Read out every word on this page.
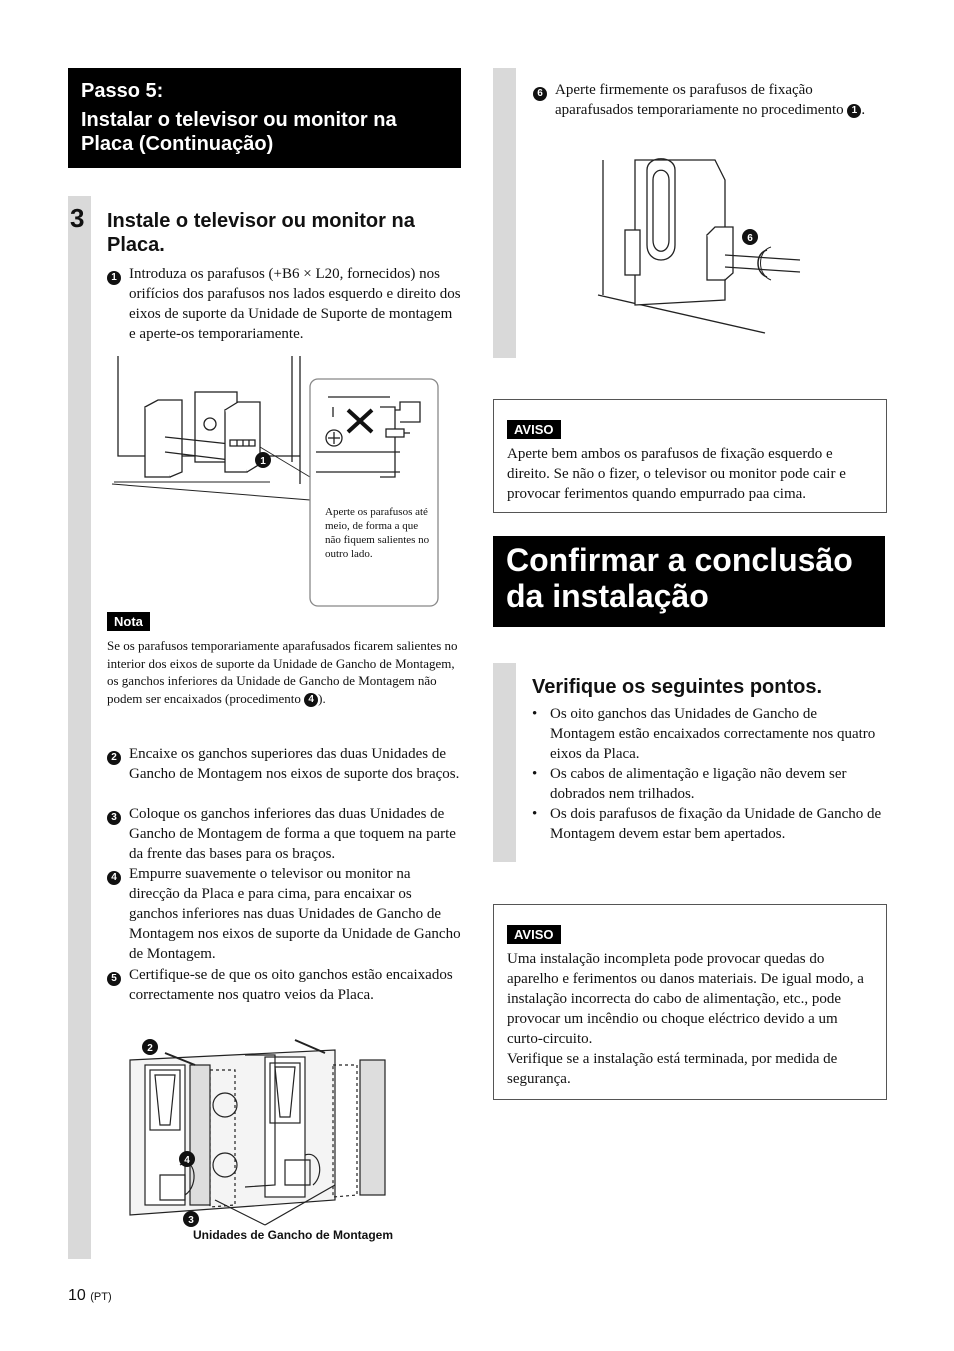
Passo 5:
Instalar o televisor ou monitor na Placa (Continuação)
3 Instale o televisor ou monitor na Placa.
1 Introduza os parafusos (+B6 × L20, fornecidos) nos orifícios dos parafusos nos lados esquerdo e direito dos eixos de suporte da Unidade de Suporte de montagem e aperte-os temporariamente.
1
Aperte os parafusos até meio, de forma a que não fiquem salientes no outro lado.
Nota
Se os parafusos temporariamente aparafusados ficarem salientes no interior dos eixos de suporte da Unidade de Gancho de Montagem, os ganchos inferiores da Unidade de Gancho de Montagem não podem ser encaixados (procedimento 4 ).
2 Encaixe os ganchos superiores das duas Unidades de Gancho de Montagem nos eixos de suporte dos braços.
3 Coloque os ganchos inferiores das duas Unidades de Gancho de Montagem de forma a que toquem na parte da frente das bases para os braços.
4 Empurre suavemente o televisor ou monitor na direcção da Placa e para cima, para encaixar os ganchos inferiores nas duas Unidades de Gancho de Montagem nos eixos de suporte da Unidade de Gancho de Montagem.
5 Certifique-se de que os oito ganchos estão encaixados correctamente nos quatro veios da Placa.
2
4
3
Unidades de Gancho de Montagem
10 (PT)
6 Aperte firmemente os parafusos de fixação aparafusados temporariamente no procedimento 1 .
6
AVISO
Aperte bem ambos os parafusos de fixação esquerdo e direito. Se não o fizer, o televisor ou monitor pode cair e provocar ferimentos quando empurrado paa cima.
Confirmar a conclusão da instalação
Verifique os seguintes pontos.
• Os oito ganchos das Unidades de Gancho de Montagem estão encaixados correctamente nos quatro eixos da Placa.
• Os cabos de alimentação e ligação não devem ser dobrados nem trilhados.
• Os dois parafusos de fixação da Unidade de Gancho de Montagem devem estar bem apertados.
AVISO
Uma instalação incompleta pode provocar quedas do aparelho e ferimentos ou danos materiais. De igual modo, a instalação incorrecta do cabo de alimentação, etc., pode provocar um incêndio ou choque eléctrico devido a um curto-circuito.
Verifique se a instalação está terminada, por medida de segurança.
